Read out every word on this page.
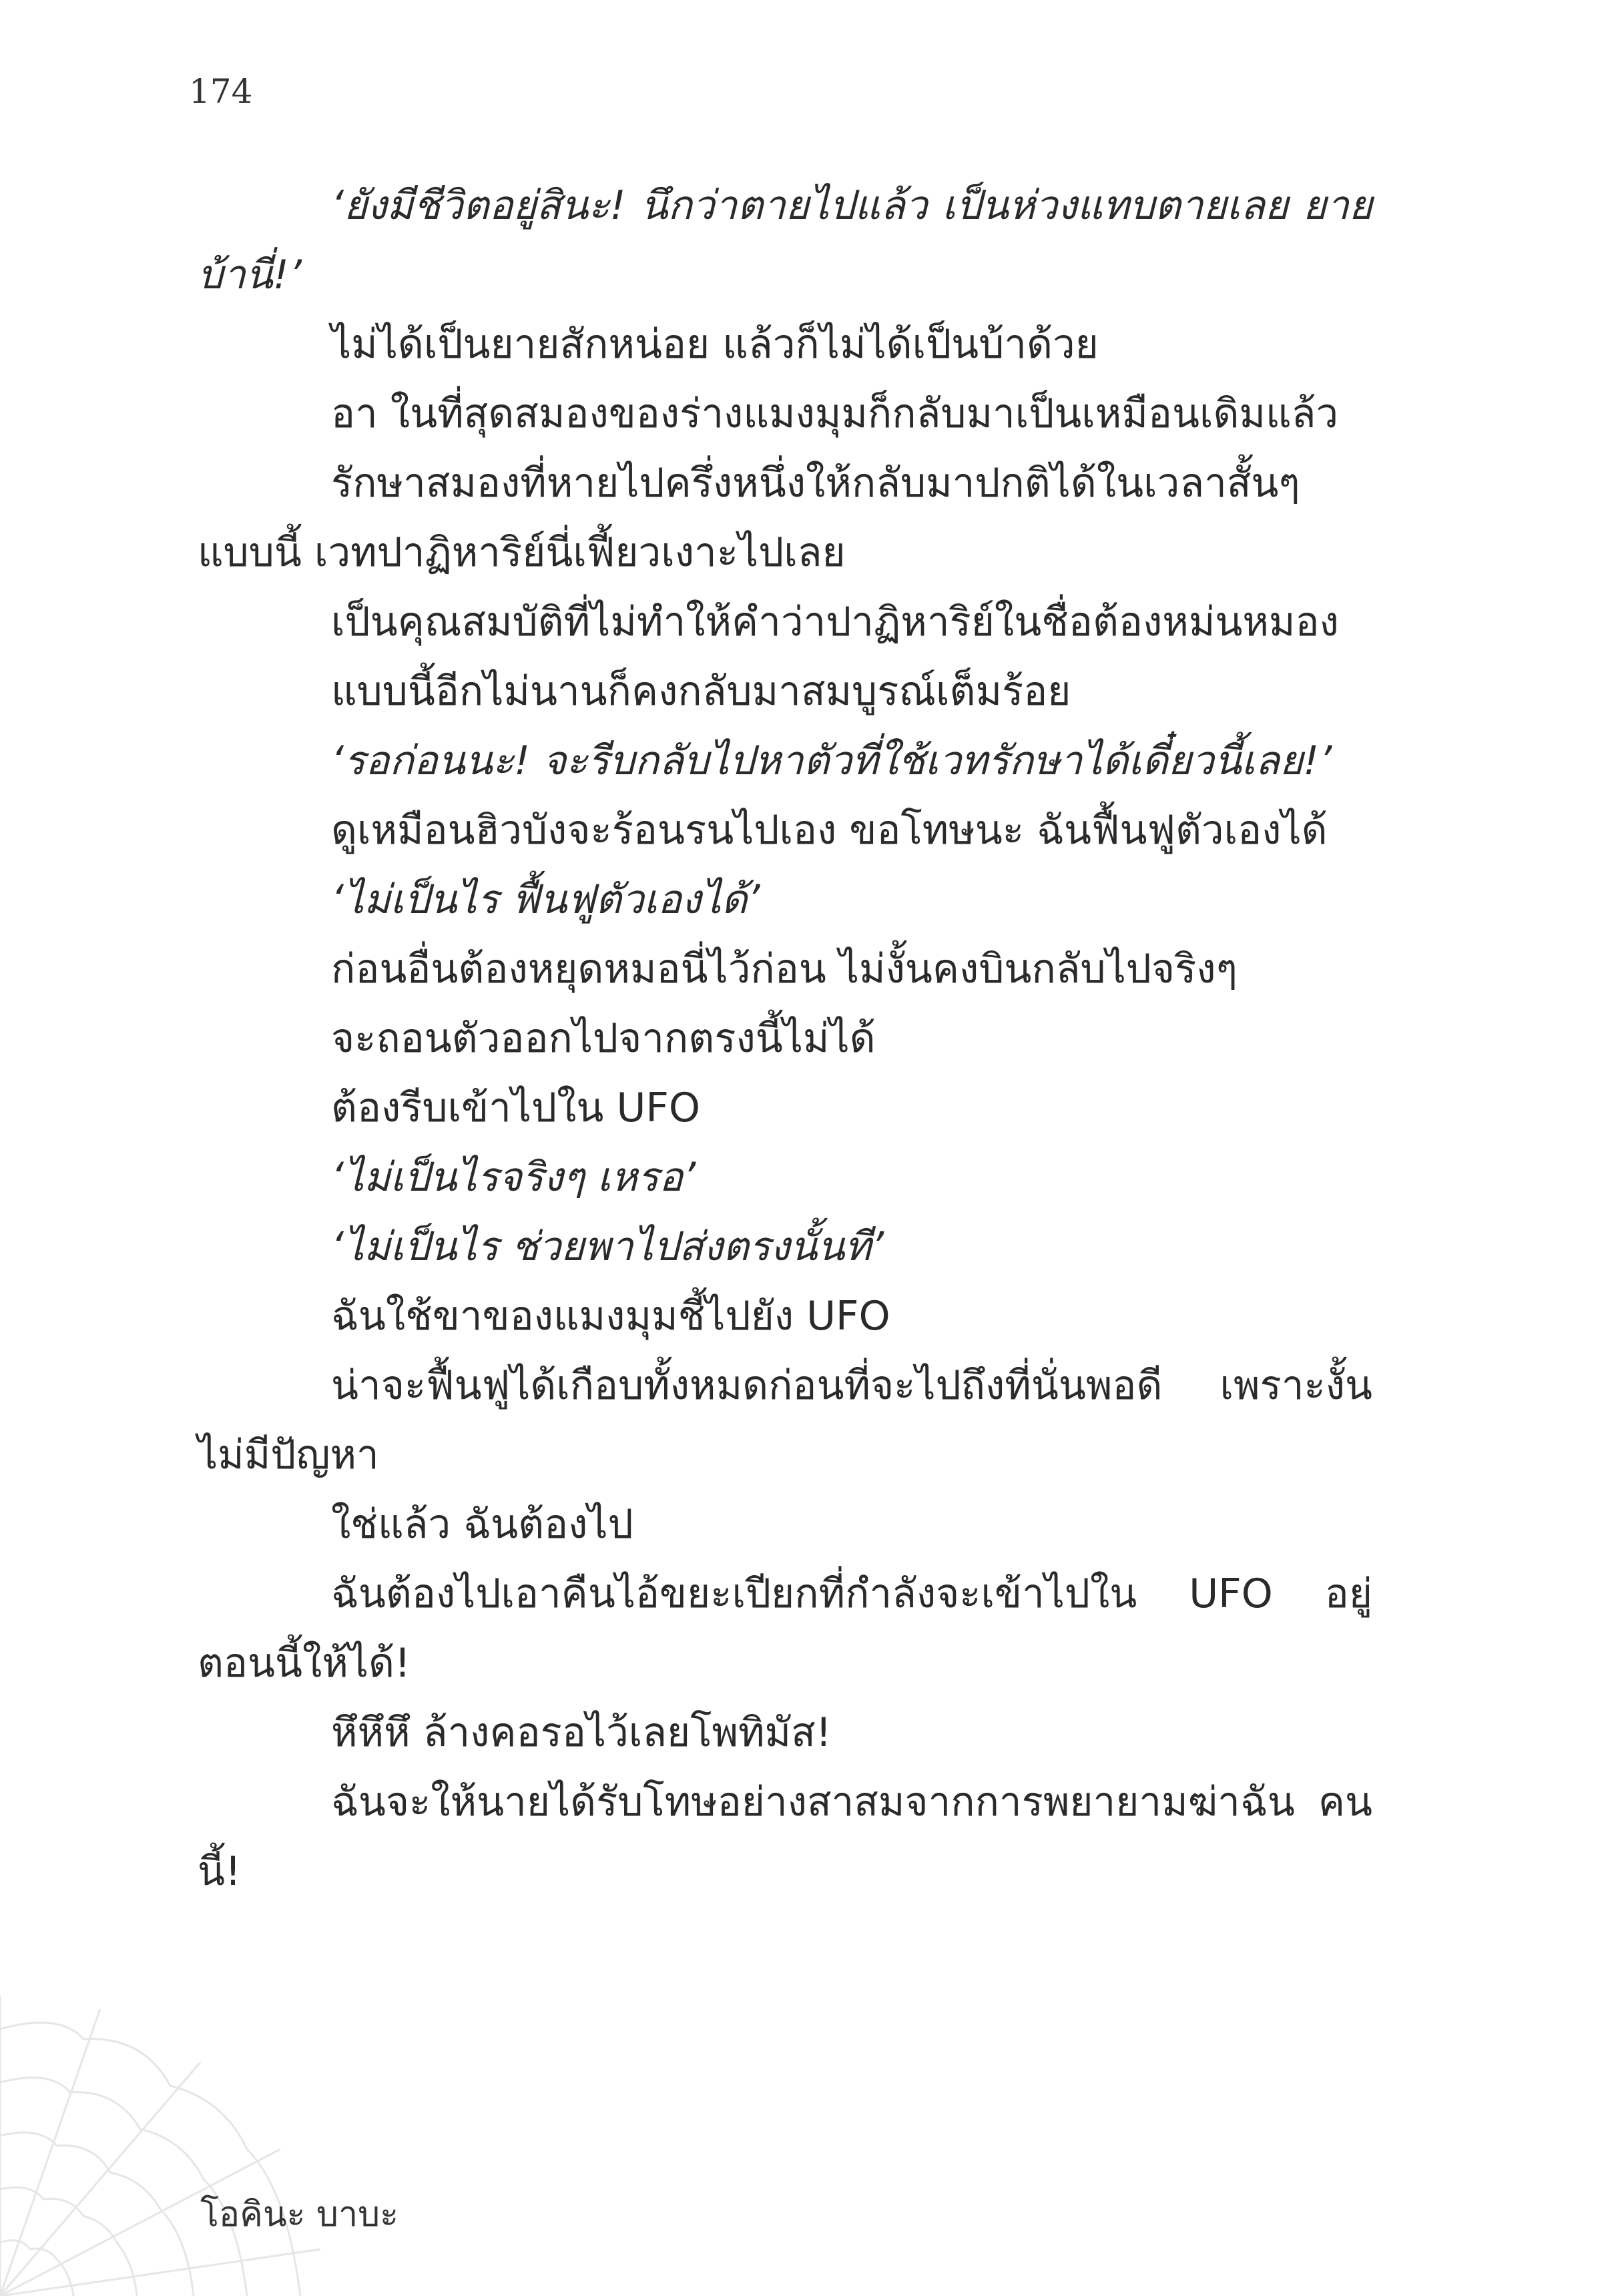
174

‘ยังมีชีวิตอยู่สินะ! นึกว่าตายไปแล้ว เป็นห่วงแทบตายเลย ยายบ้านี่!’

ไม่ได้เป็นยายสักหน่อย แล้วก็ไม่ได้เป็นบ้าด้วย

อา ในที่สุดสมองของร่างแมงมุมก็กลับมาเป็นเหมือนเดิมแล้ว

รักษาสมองที่หายไปครึ่งหนึ่งให้กลับมาปกติได้ในเวลาสั้นๆ แบบนี้ เวทปาฏิหาริย์นี่เฟี้ยวเงาะไปเลย

เป็นคุณสมบัติที่ไม่ทำให้คำว่าปาฏิหาริย์ในชื่อต้องหม่นหมอง

แบบนี้อีกไม่นานก็คงกลับมาสมบูรณ์เต็มร้อย

‘รอก่อนนะ! จะรีบกลับไปหาตัวที่ใช้เวทรักษาได้เดี๋ยวนี้เลย!’

ดูเหมือนฮิวบังจะร้อนรนไปเอง ขอโทษนะ ฉันฟื้นฟูตัวเองได้

‘ไม่เป็นไร ฟื้นฟูตัวเองได้’

ก่อนอื่นต้องหยุดหมอนี่ไว้ก่อน ไม่งั้นคงบินกลับไปจริงๆ

จะถอนตัวออกไปจากตรงนี้ไม่ได้

ต้องรีบเข้าไปใน UFO

‘ไม่เป็นไรจริงๆ เหรอ’

‘ไม่เป็นไร ช่วยพาไปส่งตรงนั้นที’

ฉันใช้ขาของแมงมุมชี้ไปยัง UFO

น่าจะฟื้นฟูได้เกือบทั้งหมดก่อนที่จะไปถึงที่นั่นพอดี เพราะงั้น ไม่มีปัญหา

ใช่แล้ว ฉันต้องไป

ฉันต้องไปเอาคืนไอ้ขยะเปียกที่กำลังจะเข้าไปใน UFO อยู่ ตอนนี้ให้ได้!

หึหึหึ ล้างคอรอไว้เลยโพทิมัส!

ฉันจะให้นายได้รับโทษอย่างสาสมจากการพยายามฆ่าฉัน คนนี้!

โอคินะ บาบะ
